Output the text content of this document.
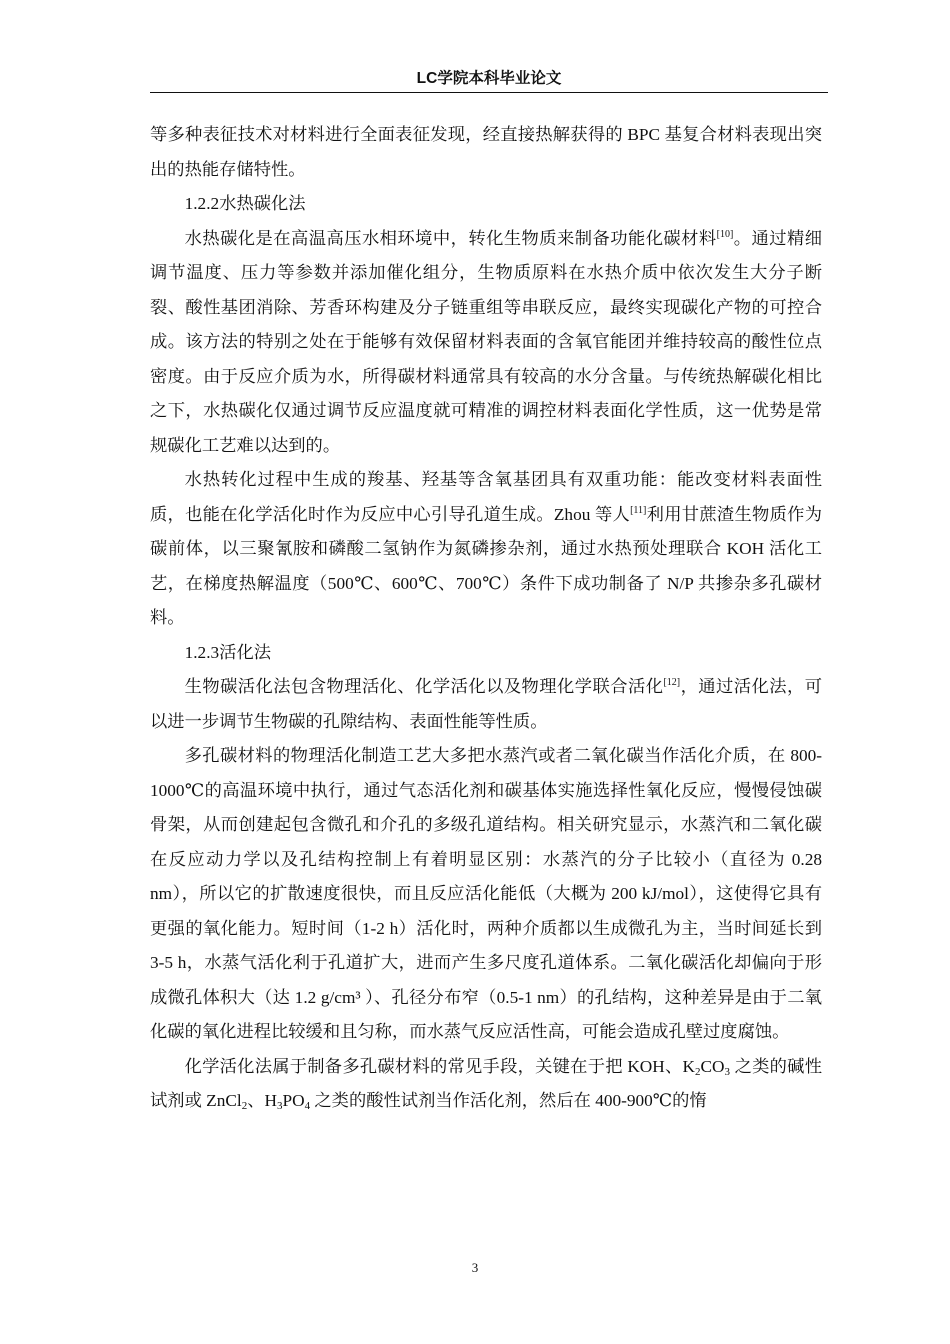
LC学院本科毕业论文

等多种表征技术对材料进行全面表征发现，经直接热解获得的 BPC 基复合材料表现出突出的热能存储特性。

1.2.2水热碳化法

水热碳化是在高温高压水相环境中，转化生物质来制备功能化碳材料[10]。通过精细调节温度、压力等参数并添加催化组分，生物质原料在水热介质中依次发生大分子断裂、酸性基团消除、芳香环构建及分子链重组等串联反应，最终实现碳化产物的可控合成。该方法的特别之处在于能够有效保留材料表面的含氧官能团并维持较高的酸性位点密度。由于反应介质为水，所得碳材料通常具有较高的水分含量。与传统热解碳化相比之下，水热碳化仅通过调节反应温度就可精准的调控材料表面化学性质，这一优势是常规碳化工艺难以达到的。

水热转化过程中生成的羧基、羟基等含氧基团具有双重功能：能改变材料表面性质，也能在化学活化时作为反应中心引导孔道生成。Zhou 等人[11]利用甘蔗渣生物质作为碳前体，以三聚氰胺和磷酸二氢钠作为氮磷掺杂剂，通过水热预处理联合 KOH 活化工艺，在梯度热解温度（500℃、600℃、700℃）条件下成功制备了 N/P 共掺杂多孔碳材料。

1.2.3活化法

生物碳活化法包含物理活化、化学活化以及物理化学联合活化[12]，通过活化法，可以进一步调节生物碳的孔隙结构、表面性能等性质。

多孔碳材料的物理活化制造工艺大多把水蒸汽或者二氧化碳当作活化介质，在 800-1000℃的高温环境中执行，通过气态活化剂和碳基体实施选择性氧化反应，慢慢侵蚀碳骨架，从而创建起包含微孔和介孔的多级孔道结构。相关研究显示，水蒸汽和二氧化碳在反应动力学以及孔结构控制上有着明显区别：水蒸汽的分子比较小（直径为 0.28 nm），所以它的扩散速度很快，而且反应活化能低（大概为 200 kJ/mol），这使得它具有更强的氧化能力。短时间（1-2 h）活化时，两种介质都以生成微孔为主，当时间延长到 3-5 h，水蒸气活化利于孔道扩大，进而产生多尺度孔道体系。二氧化碳活化却偏向于形成微孔体积大（达 1.2 g/cm³ ）、孔径分布窄（0.5-1 nm）的孔结构，这种差异是由于二氧化碳的氧化进程比较缓和且匀称，而水蒸气反应活性高，可能会造成孔壁过度腐蚀。

化学活化法属于制备多孔碳材料的常见手段，关键在于把 KOH、$K_2CO_3$ 之类的碱性试剂或 ZnCl$_2$、$H_3PO_4$ 之类的酸性试剂当作活化剂，然后在 400-900℃的惰

3
